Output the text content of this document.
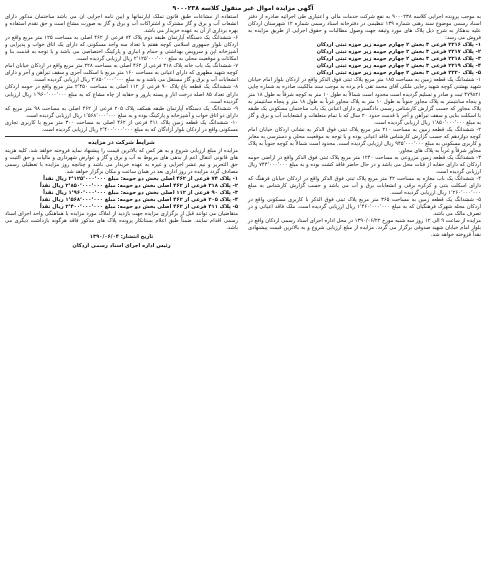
آگهی مزایده اموال غیر منقول کلاسه ۹۰۰۰۲۳۸

به موجب پرونده اجرایی کلاسه ۹۰۰۰۲۳۸ به نفع شرکت خدمات مالی و اعتباری طی اجرائیه صادره از دفتر اسناد رسمی موضوع سند رهنی شماره ۱۳۹ تنظیمی در دفترخانه اسناد رسمی شماره ۱۲ شهرستان اردکان علیه بدهکار به شرح ذیل پلاک های مورد وثیقه جهت وصول مطالبات و حقوق اجرایی از طریق مزایده به فروش می رسد:

۱- پلاک ۲۲۱۶ فرعی ۳ بخش ۲ چهارم حومه زیر حوزه ثبتی اردکان

۲- پلاک ۲۲۱۷ فرعی ۳ بخش ۲ چهارم حومه زیر حوزه ثبتی اردکان

۳- پلاک ۲۲۱۸ فرعی ۳ بخش ۲ چهارم حومه زیر حوزه ثبتی اردکان

۴- پلاک ۲۲۱۹ فرعی ۳ بخش ۲ چهارم حومه زیر حوزه ثبتی اردکان

۵- پلاک ۲۲۲۰ فرعی ۳ بخش ۲ چهارم حومه زیر حوزه ثبتی اردکان

۱- ششدانگ یک قطعه زمین به مساحت ۱۸۵ متر مربع پلاک ثبتی فوق الذکر واقع در اردکان بلوار امام خیابان شهید بهشتی کوچه شهید رجایی ملکی آقای محمد تقی نام برده به موجب سند مالکیت صادره به شماره چاپی ۴۷۹۸۲۱ ثبت و صادر و تسلیم گردیده است محدود است شمالاً به طول ۱۰ متر به کوچه شرقاً به طول ۱۸ متر و پنجاه سانتیمتر به پلاک مجاور جنوباً به طول ۱۰ متر به پلاک مجاور غرباً به طول ۱۸ متر و پنجاه سانتیمتر به پلاک مجاور که حسب گزارش کارشناس رسمی دادگستری دارای اعیانی یک باب ساختمان مسکونی یک طبقه با اسکلت بنایی و سقف تیرآهن و آجر با قدمت حدود ۲۰ سال که با تمام متعلقات و انشعابات آب و برق و گاز به مبلغ ۱٬۸۵۰٬۰۰۰٬۰۰۰ ریال ارزیابی گردیده است.

۲- ششدانگ یک قطعه زمین به مساحت ۲۱۰ متر مربع پلاک ثبتی فوق الذکر به نشانی اردکان خیابان امام کوچه دوازدهم که حسب گزارش کارشناس فاقد اعیانی بوده و با توجه به موقعیت محلی و دسترسی به معابر و کاربری مسکونی به مبلغ ۹۴۵٬۰۰۰٬۰۰۰ ریال ارزیابی گردیده است. محدود است شمالاً به کوچه جنوباً به پلاک مجاور شرقاً و غرباً به پلاک های مجاور.

۳- ششدانگ یک قطعه زمین مزروعی به مساحت ۱۲۴۰ متر مربع پلاک ثبتی فوق الذکر واقع در اراضی حومه اردکان که دارای حقابه از قنات محل می باشد و در حال حاضر فاقد کشت بوده و به مبلغ ۷۴۴٬۰۰۰٬۰۰۰ ریال ارزیابی گردیده است.

۴- ششدانگ یک باب مغازه به مساحت ۴۲ متر مربع پلاک ثبتی فوق الذکر واقع در اردکان خیابان فرهنگ که دارای اسکلت بتنی و کرکره برقی و انشعابات برق و آب می باشد و حسب گزارش کارشناس به مبلغ ۱٬۲۶۰٬۰۰۰٬۰۰۰ ریال ارزیابی گردیده است.

۵- ششدانگ یک قطعه زمین به مساحت ۳۶۵ متر مربع پلاک ثبتی فوق الذکر با کاربری مسکونی واقع در اردکان محله شهرک فرهنگیان که به مبلغ ۱٬۴۶۰٬۰۰۰٬۰۰۰ ریال ارزیابی گردیده است. ملک فاقد اعیانی و در تصرف مالک می باشد.

مزایده از ساعت ۹ الی ۱۲ روز سه شنبه مورخ ۱۳۹۰/۰۶/۲۲ در محل اداره اجرای اسناد رسمی اردکان واقع در بلوار امام خیابان شهید صدوقی برگزار می گردد. مزایده از مبلغ ارزیابی شروع و به بالاترین قیمت پیشنهادی نقداً فروخته خواهد شد.

استفاده از مشاعات طبق قانون تملک آپارتمانها و آیین نامه اجرایی آن می باشد ساختمان مذکور دارای انشعاب آب و برق و گاز مشترک و اشتراکات آب و برق و گاز به صورت مشاع است و حق تقدم استفاده و بهره برداری از آن به عهده خریدار می باشد.

۶- ششدانگ یک دستگاه آپارتمان طبقه دوم پلاک ۷۴ فرعی از ۴۶۲ اصلی به مساحت ۱۲۵ متر مربع واقع در اردکان بلوار جمهوری اسلامی کوچه هفتم با تعداد سه واحد مسکونی که دارای یک اتاق خواب و پذیرایی و آشپزخانه اپن و سرویس بهداشتی و حمام و انباری و پارکینگ اختصاصی می باشد و با توجه به قدمت بنا و امکانات و موقعیت محلی به مبلغ ۲٬۱۲۵٬۰۰۰٬۰۰۰ ریال ارزیابی گردیده است.

۷- ششدانگ یک باب خانه پلاک ۳۱۸ فرعی از ۴۶۲ اصلی به مساحت ۲۲۸ متر مربع واقع در اردکان خیابان امام کوچه شهید مطهری که دارای اعیانی به مساحت ۱۶۰ متر مربع با اسکلت آجری و سقف تیرآهن و آجر و دارای انشعابات آب و برق و گاز مستقل می باشد و به مبلغ ۲٬۸۵۰٬۰۰۰٬۰۰۰ ریال ارزیابی گردیده است.

۸- ششدانگ یک قطعه باغ پلاک ۹۰ فرعی از ۱۱۲ اصلی به مساحت ۲٬۴۵۰ متر مربع واقع در حومه اردکان دارای تعداد ۸۵ اصله درخت انار و پسته بارور و حقابه از چاه مشاع که به مبلغ ۱٬۹۶۰٬۰۰۰٬۰۰۰ ریال ارزیابی گردیده است.

۹- ششدانگ یک دستگاه آپارتمان طبقه همکف پلاک ۲۰۵ فرعی از ۴۶۲ اصلی به مساحت ۹۸ متر مربع که دارای دو اتاق خواب و آشپزخانه و پارکینگ بوده و به مبلغ ۱٬۵۶۸٬۰۰۰٬۰۰۰ ریال ارزیابی گردیده است.

۱۰- ششدانگ یک قطعه زمین پلاک ۴۱۱ فرعی از ۴۶۲ اصلی به مساحت ۳۰۰ متر مربع با کاربری تجاری مسکونی واقع در اردکان بلوار آزادگان که به مبلغ ۲٬۴۰۰٬۰۰۰٬۰۰۰ ریال ارزیابی گردیده است.

شرایط شرکت در مزایده

مزایده از مبلغ ارزیابی شروع و به هر کس که بالاترین قیمت را پیشنهاد نماید فروخته خواهد شد. کلیه هزینه های قانونی انتقال اعم از بدهی های مربوط به آب و برق و گاز و عوارض شهرداری و مالیات و حق الثبت و حق التحریر و نیم عشر اجرایی و غیره به عهده خریدار می باشد و چنانچه روز مزایده با تعطیلی رسمی مصادف گردد مزایده در روز اداری بعد در همان ساعت و مکان برگزار خواهد شد.

۱- پلاک ۷۴ فرعی از ۴۶۲ اصلی بخش دو حومه: مبلغ ۲٬۱۲۵٬۰۰۰٬۰۰۰ ریال نقداً

۲- پلاک ۳۱۸ فرعی از ۴۶۲ اصلی بخش دو حومه: مبلغ ۲٬۸۵۰٬۰۰۰٬۰۰۰ ریال نقداً

۳- پلاک ۹۰ فرعی از ۱۱۲ اصلی بخش دو حومه: مبلغ ۱٬۹۶۰٬۰۰۰٬۰۰۰ ریال نقداً

۴- پلاک ۲۰۵ فرعی از ۴۶۲ اصلی بخش دو حومه: مبلغ ۱٬۵۶۸٬۰۰۰٬۰۰۰ ریال نقداً

۵- پلاک ۴۱۱ فرعی از ۴۶۲ اصلی بخش دو حومه: مبلغ ۲٬۴۰۰٬۰۰۰٬۰۰۰ ریال نقداً

متقاضیان می توانند قبل از برگزاری مزایده جهت بازدید از املاک مورد مزایده با هماهنگی واحد اجرای اسناد رسمی اقدام نمایند. ضمناً طبق اعلام بستانکار پرونده پلاک های مذکور فاقد هرگونه بازداشت دیگری می باشد.

تاریخ انتشار: ۱۳۹۰/۰۶/۰۴
رئیس اداره اجرای اسناد رسمی اردکان
